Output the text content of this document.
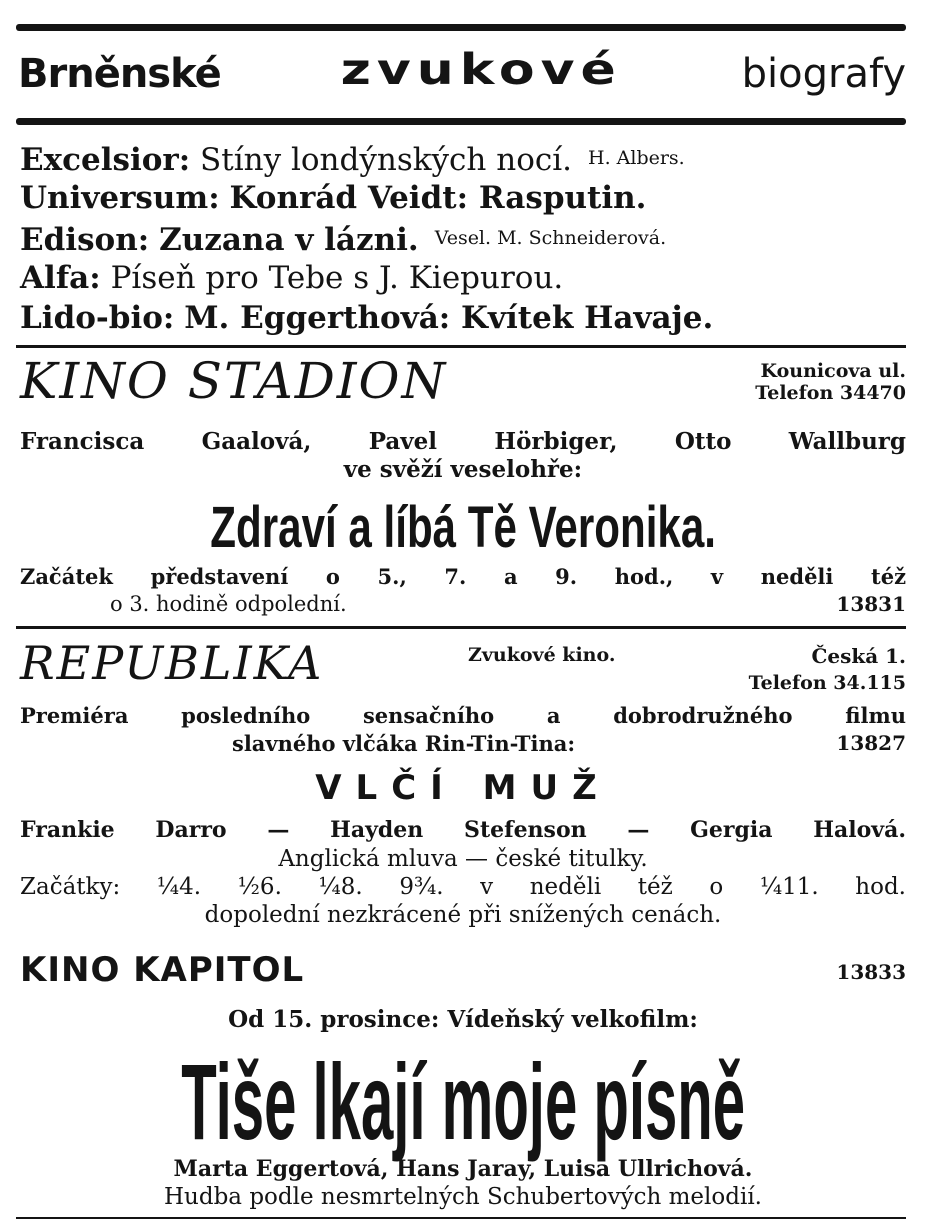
Brněnské zvukové	biografy
Excelsior: Stíny londýnských nocí. H. Albers.
Universum: Konrád Veidt: Rasputin.
Edison: Zuzana v lázni. Vesel. M. Schneiderová.
Alfa: Píseň pro Tebe s J. Kiepurou.
Lido-bio: M. Eggerthová: Kvítek Havaje.
KINO STADION	Kounicova ul.
Telefon 34470
Francisca Gaalová, Pavel Hörbiger, Otto Wallburg
ve svěží veselohře:
Zdraví a líbá Tě Veronika.
Začátek představení o 5., 7. a 9. hod., v neděli též
o 3. hodině odpolední.	13831
REPUBLIKA	Zvukové kino.	Česká 1.
Telefon 34.115
Premiéra posledního sensačního a dobrodružného filmu
slavného vlčáka Rin-Tin-Tina:	13827
VLČÍ MUŽ
Frankie Darro — Hayden Stefenson — Gergia Halová.
Anglická mluva — české titulky.
Začátky: ¼4. ½6. ¼8. 9¾. v neděli též o ¼11. hod.
dopolední nezkrácené při snížených cenách.
KINO KAPITOL	13833
Od 15. prosince: Vídeňský velkofilm:
Tiše lkají moje písně
Marta Eggertová, Hans Jaray, Luisa Ullrichová.
Hudba podle nesmrtelných Schubertových melodií.
